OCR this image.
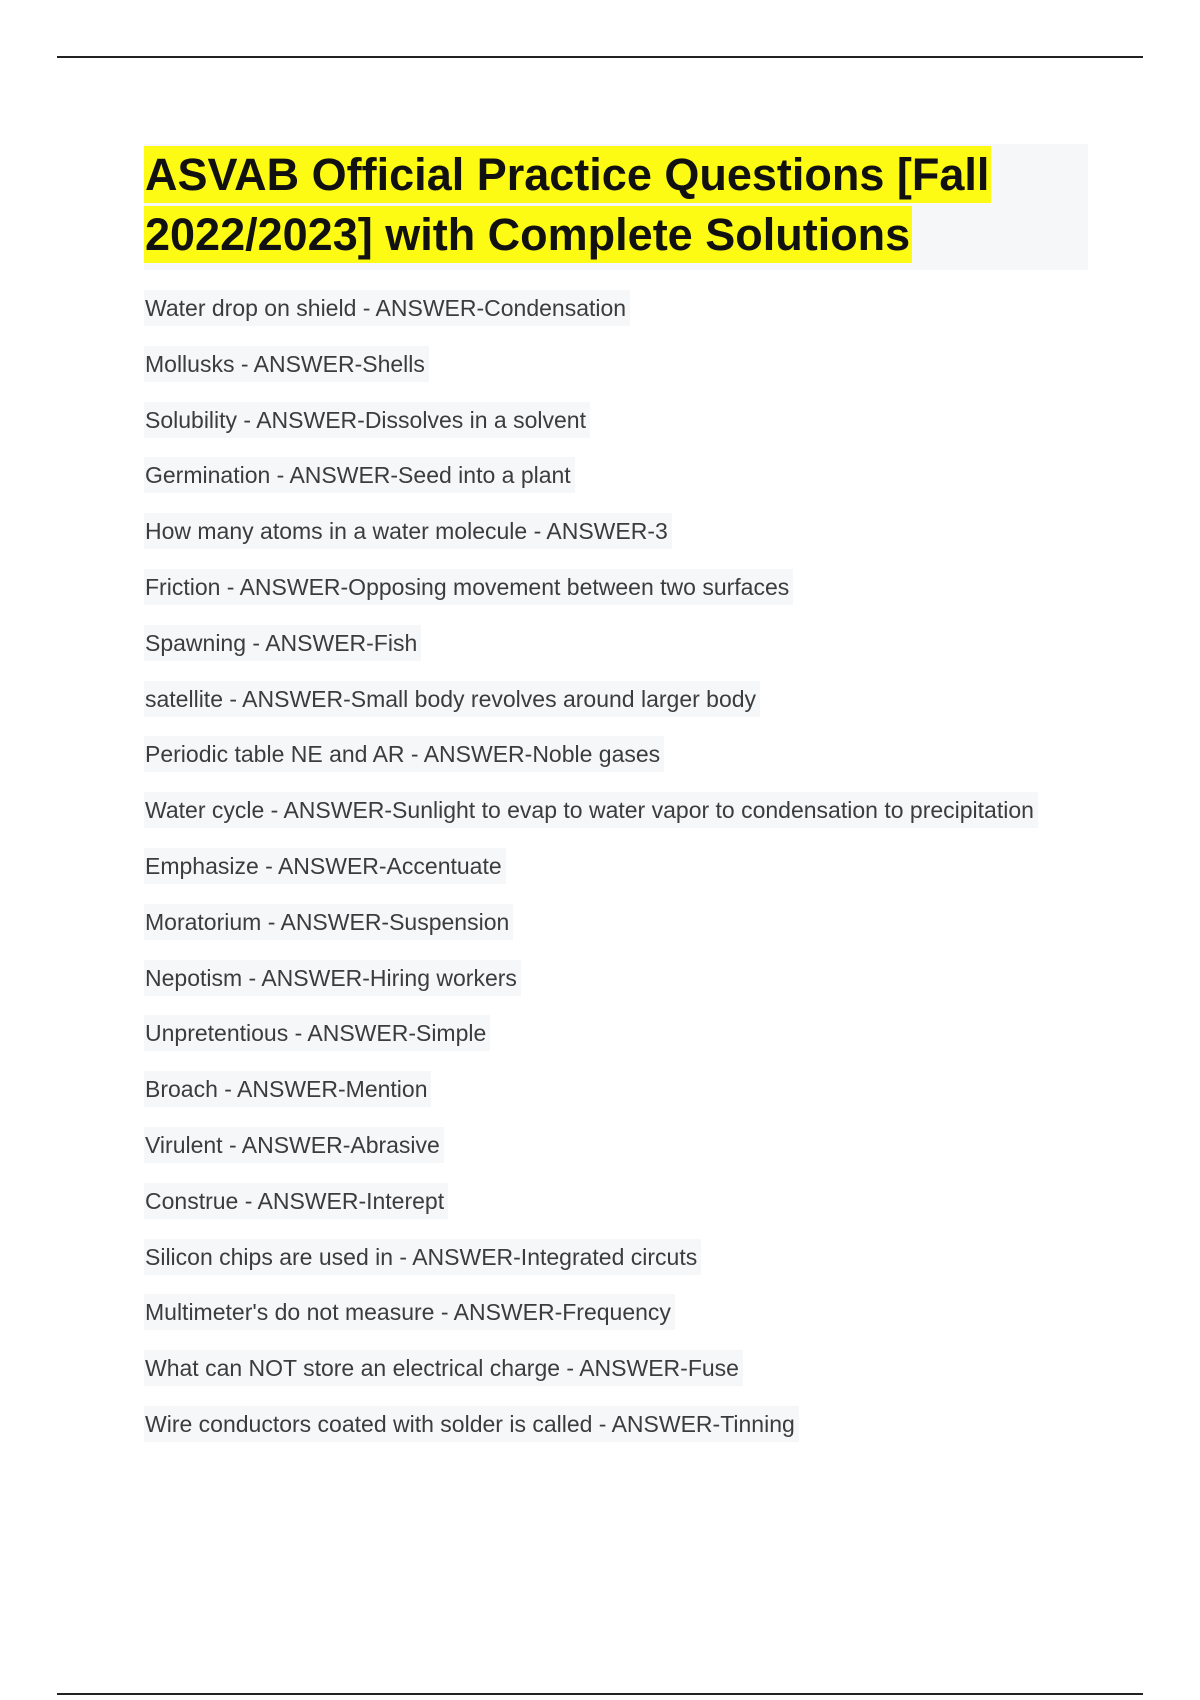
ASVAB Official Practice Questions [Fall
2022/2023] with Complete Solutions
Water drop on shield - ANSWER-Condensation
Mollusks - ANSWER-Shells
Solubility - ANSWER-Dissolves in a solvent
Germination - ANSWER-Seed into a plant
How many atoms in a water molecule - ANSWER-3
Friction - ANSWER-Opposing movement between two surfaces
Spawning - ANSWER-Fish
satellite - ANSWER-Small body revolves around larger body
Periodic table NE and AR - ANSWER-Noble gases
Water cycle - ANSWER-Sunlight to evap to water vapor to condensation to precipitation
Emphasize - ANSWER-Accentuate
Moratorium - ANSWER-Suspension
Nepotism - ANSWER-Hiring workers
Unpretentious - ANSWER-Simple
Broach - ANSWER-Mention
Virulent - ANSWER-Abrasive
Construe - ANSWER-Interept
Silicon chips are used in - ANSWER-Integrated circuts
Multimeter's do not measure - ANSWER-Frequency
What can NOT store an electrical charge - ANSWER-Fuse
Wire conductors coated with solder is called - ANSWER-Tinning
